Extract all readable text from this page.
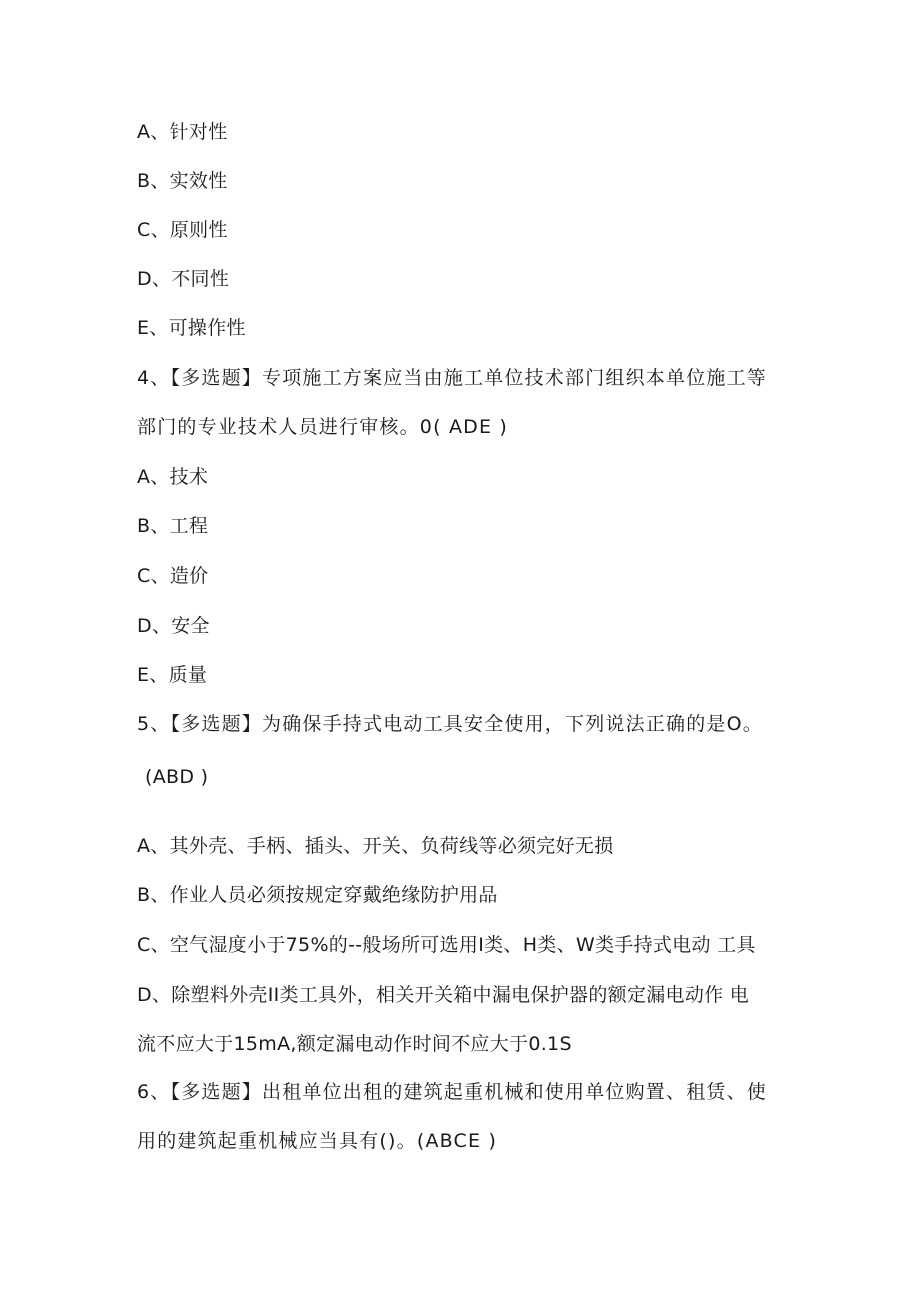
A、针对性
B、实效性
C、原则性
D、不同性
E、可操作性
4、【多选题】专项施工方案应当由施工单位技术部门组织本单位施工等
部门的专业技术人员进行审核。0( ADE )
A、技术
B、工程
C、造价
D、安全
E、质量
5、【多选题】为确保手持式电动工具安全使用，下列说法正确的是O。
(ABD )
A、其外壳、手柄、插头、开关、负荷线等必须完好无损
B、作业人员必须按规定穿戴绝缘防护用品
C、空气湿度小于75%的--般场所可选用I类、H类、W类手持式电动 工具
D、除塑料外壳II类工具外，相关开关箱中漏电保护器的额定漏电动作 电
流不应大于15mA,额定漏电动作时间不应大于0.1S
6、【多选题】出租单位出租的建筑起重机械和使用单位购置、租赁、使
用的建筑起重机械应当具有()。(ABCE )
